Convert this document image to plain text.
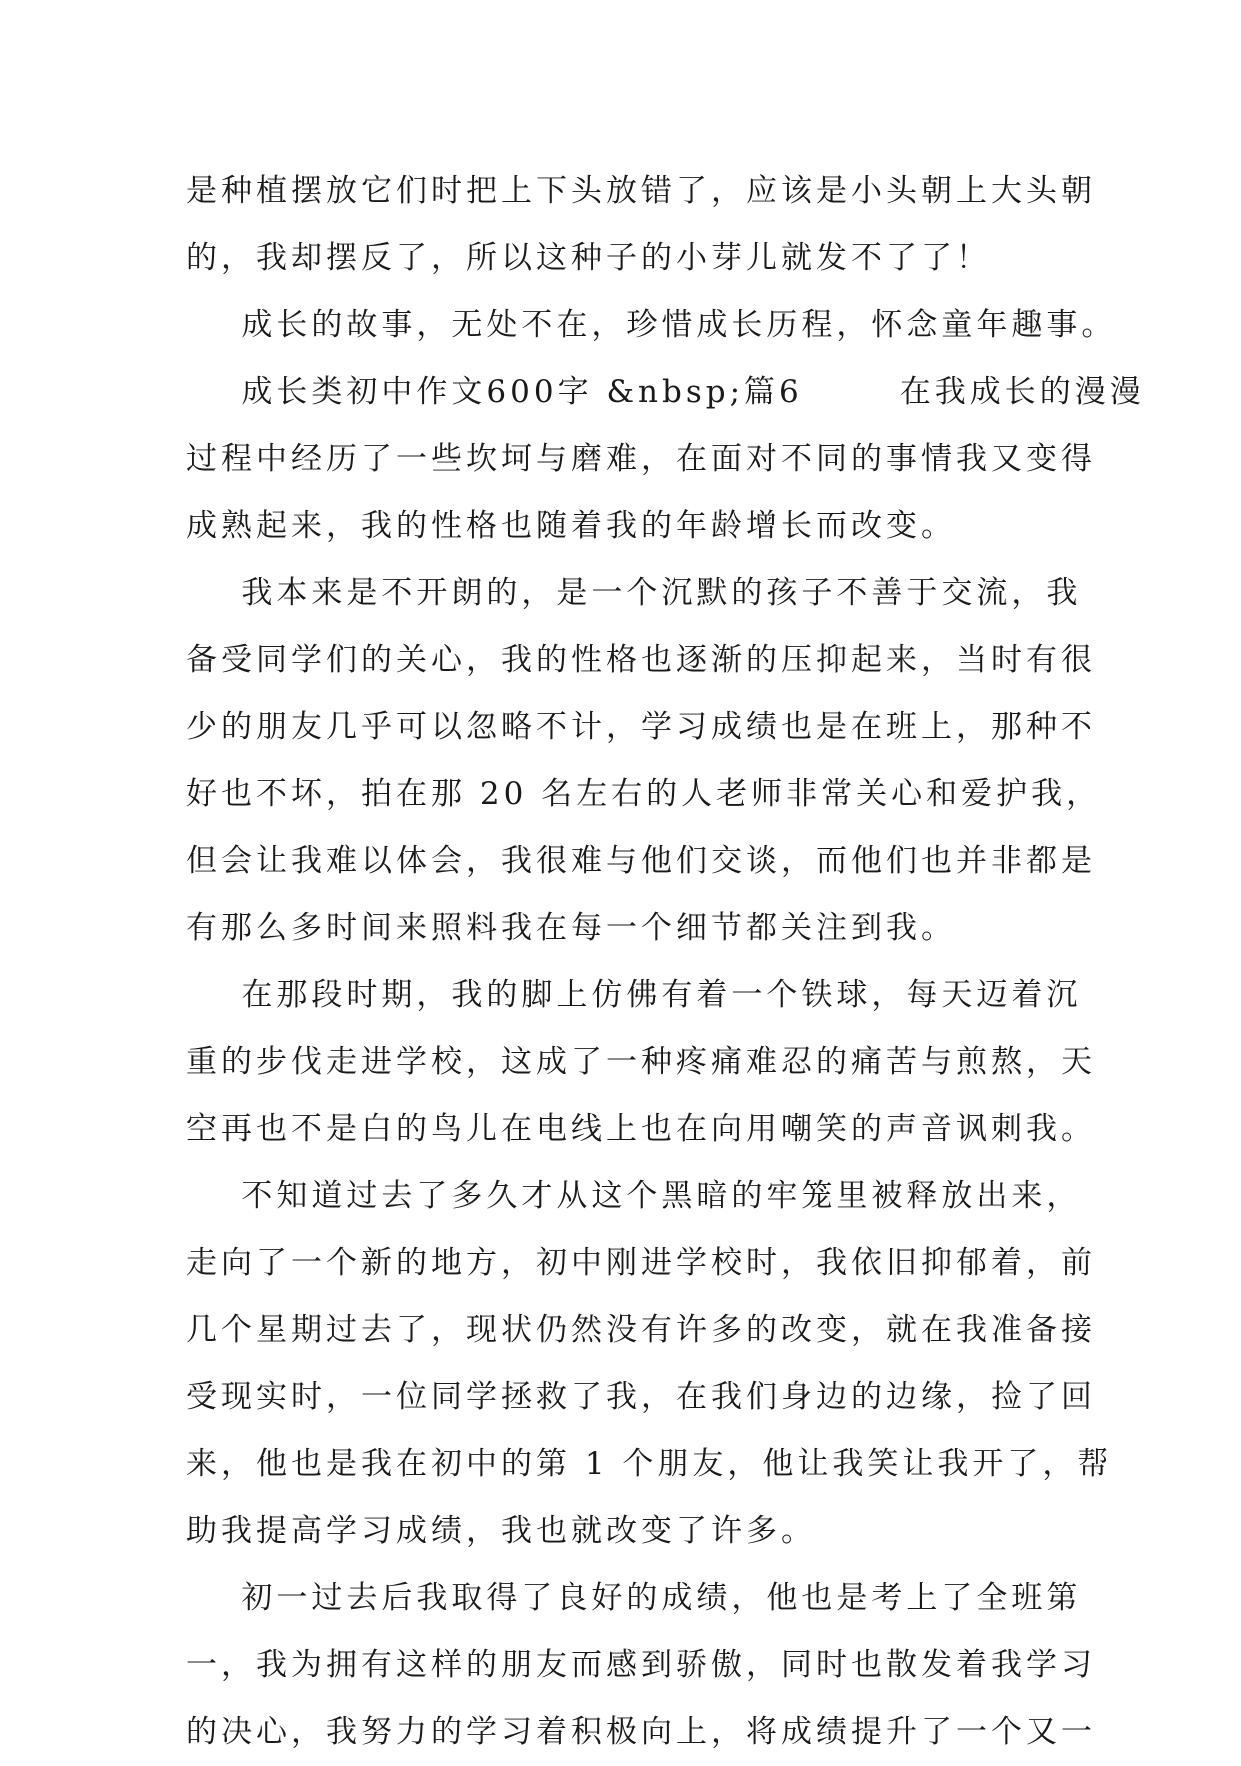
是种植摆放它们时把上下头放错了，应该是小头朝上大头朝
的，我却摆反了，所以这种子的小芽儿就发不了了！
成长的故事，无处不在，珍惜成长历程，怀念童年趣事。
成长类初中作文600字 &nbsp;篇6       在我成长的漫漫
过程中经历了一些坎坷与磨难，在面对不同的事情我又变得
成熟起来，我的性格也随着我的年龄增长而改变。
我本来是不开朗的，是一个沉默的孩子不善于交流，我
备受同学们的关心，我的性格也逐渐的压抑起来，当时有很
少的朋友几乎可以忽略不计，学习成绩也是在班上，那种不
好也不坏，拍在那 20 名左右的人老师非常关心和爱护我，
但会让我难以体会，我很难与他们交谈，而他们也并非都是
有那么多时间来照料我在每一个细节都关注到我。
在那段时期，我的脚上仿佛有着一个铁球，每天迈着沉
重的步伐走进学校，这成了一种疼痛难忍的痛苦与煎熬，天
空再也不是白的鸟儿在电线上也在向用嘲笑的声音讽刺我。
不知道过去了多久才从这个黑暗的牢笼里被释放出来，
走向了一个新的地方，初中刚进学校时，我依旧抑郁着，前
几个星期过去了，现状仍然没有许多的改变，就在我准备接
受现实时，一位同学拯救了我，在我们身边的边缘，捡了回
来，他也是我在初中的第 1 个朋友，他让我笑让我开了，帮
助我提高学习成绩，我也就改变了许多。
初一过去后我取得了良好的成绩，他也是考上了全班第
一，我为拥有这样的朋友而感到骄傲，同时也散发着我学习
的决心，我努力的学习着积极向上，将成绩提升了一个又一
